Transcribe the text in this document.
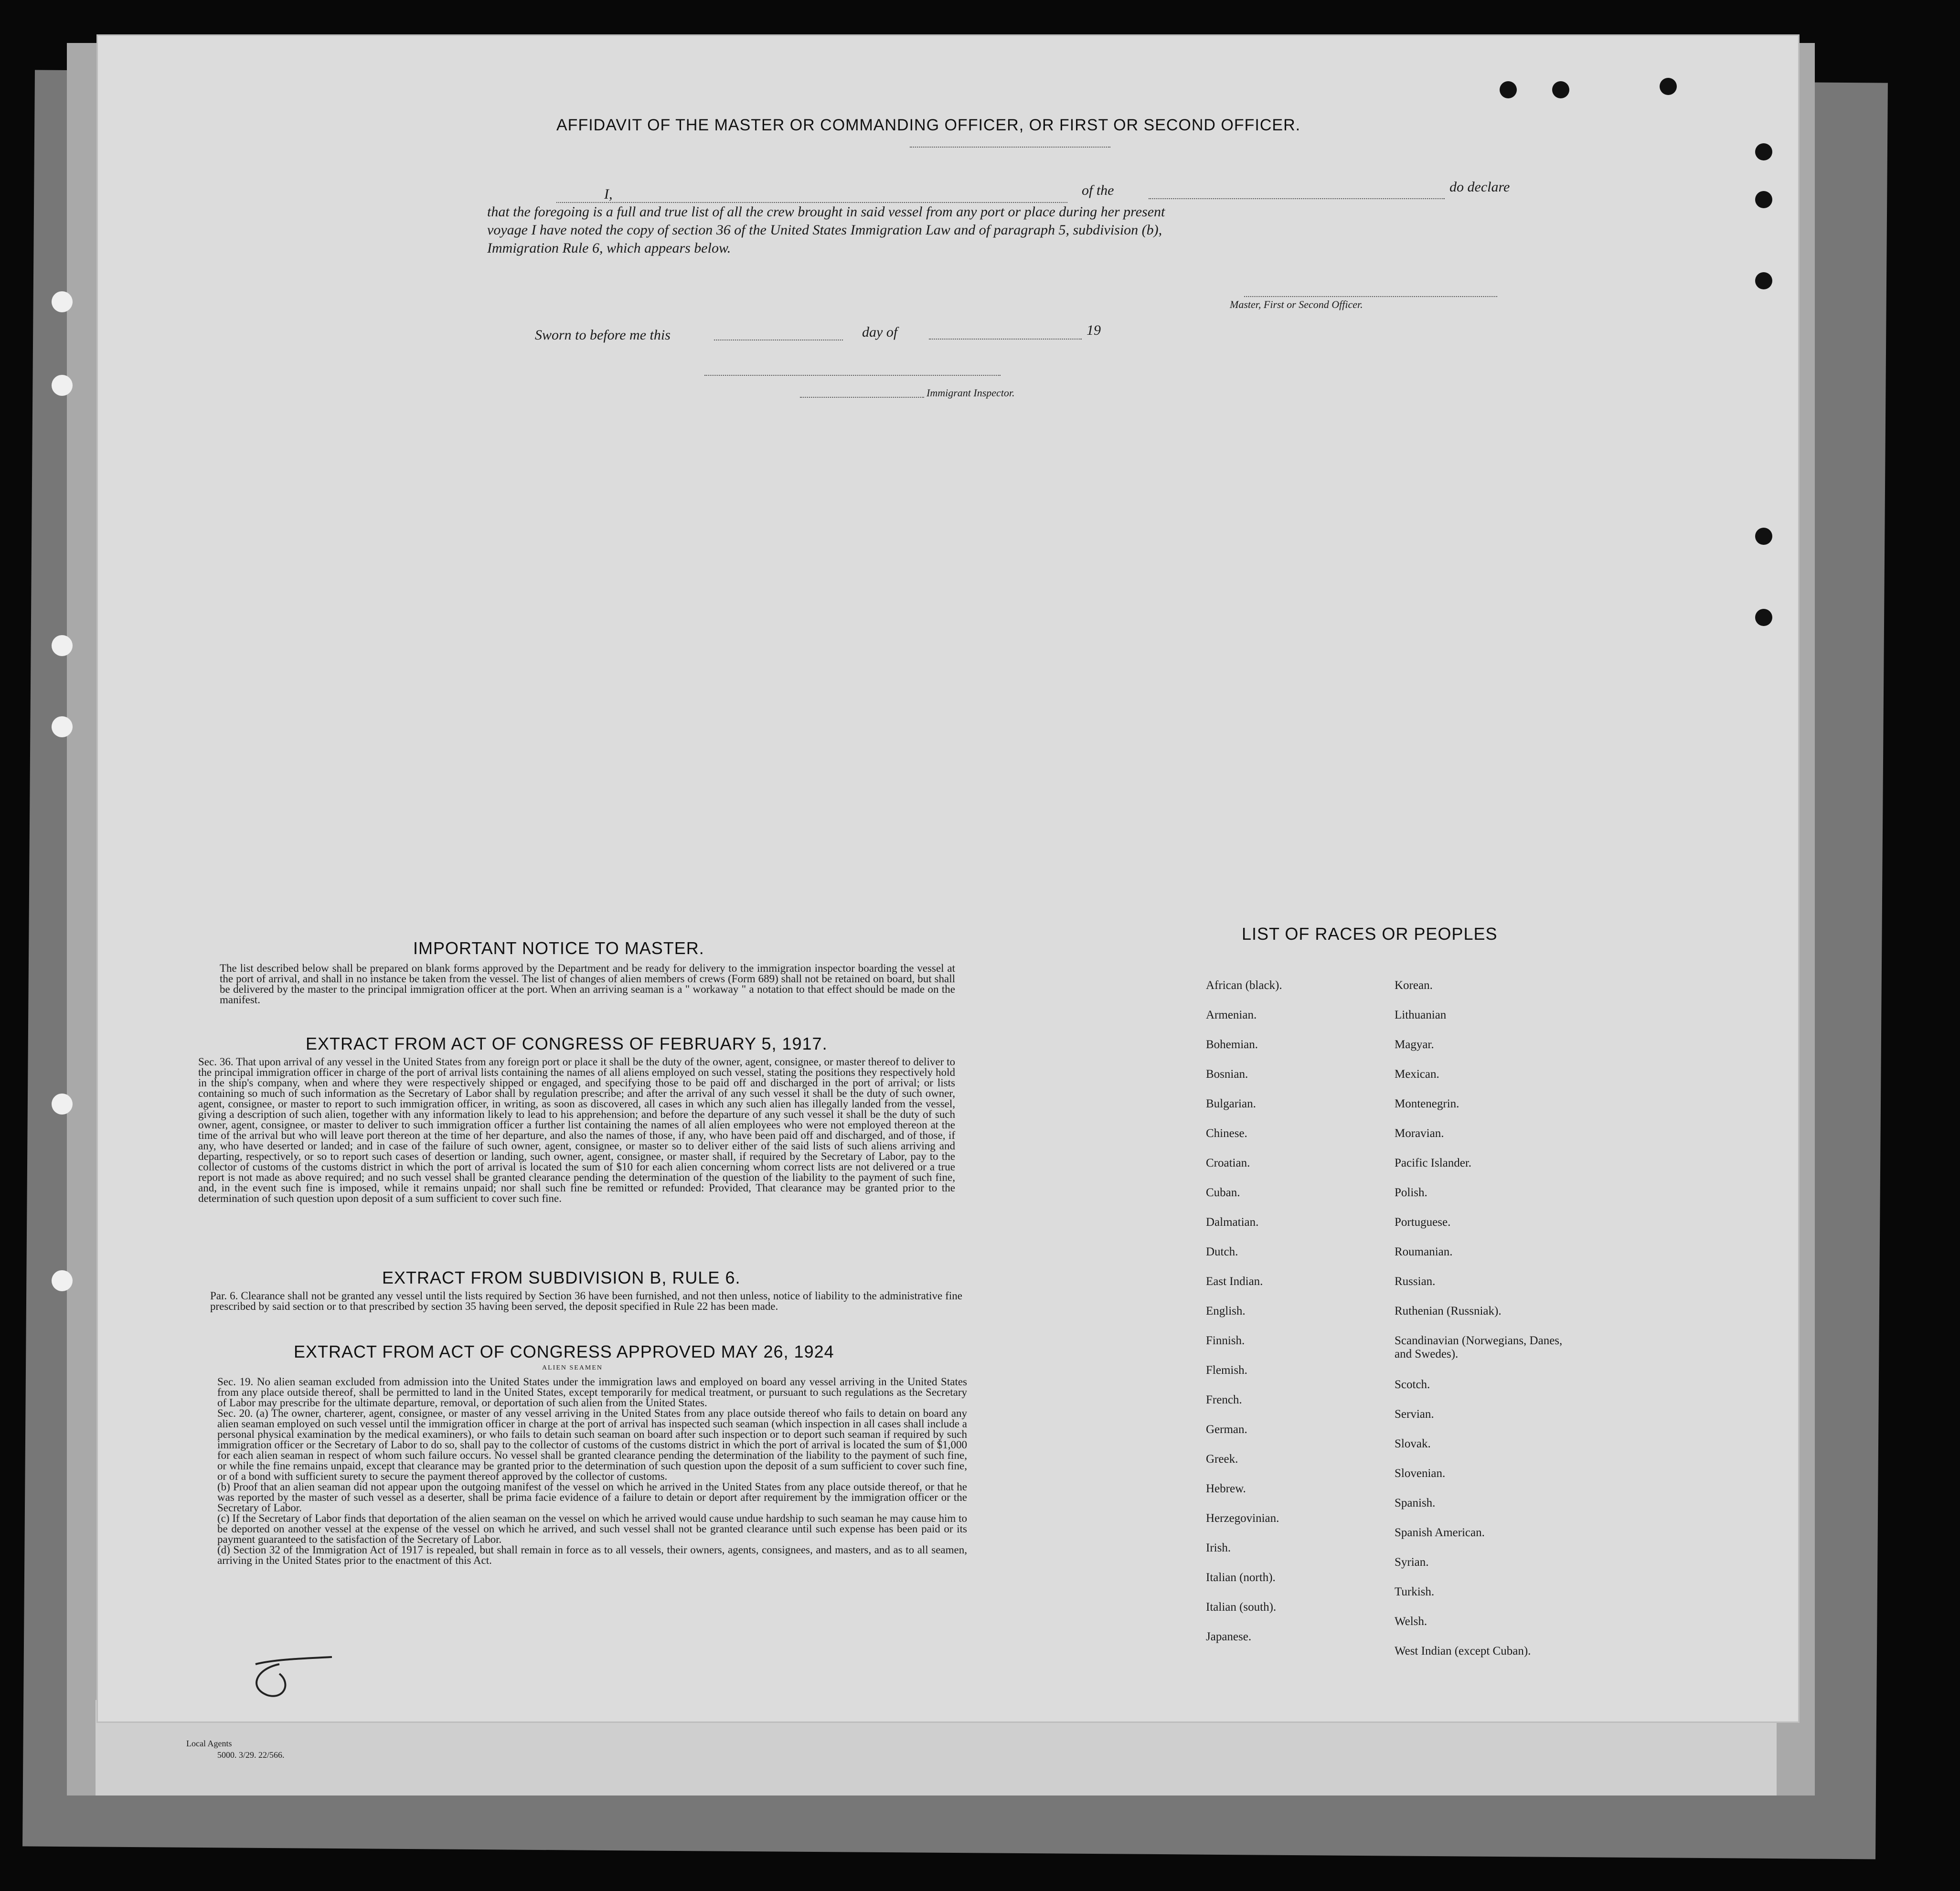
Local Agents
5000. 3/29. 22/566.
AFFIDAVIT OF THE MASTER OR COMMANDING OFFICER, OR FIRST OR SECOND OFFICER.
I,	of the	do declare
that the foregoing is a full and true list of all the crew brought in said vessel from any port or place during her present
voyage I have noted the copy of section 36 of the United States Immigration Law and of paragraph 5, subdivision (b),
Immigration Rule 6, which appears below.
Master, First or Second Officer.
Sworn to before me this	day of	19
Immigrant Inspector.
IMPORTANT NOTICE TO MASTER.
The list described below shall be prepared on blank forms approved by the Department and be ready for delivery to the immigration inspector boarding the vessel at the port of arrival, and shall in no instance be taken from the vessel. The list of changes of alien members of crews (Form 689) shall not be retained on board, but shall be delivered by the master to the principal immigration officer at the port. When an arriving seaman is a " workaway " a notation to that effect should be made on the manifest.
EXTRACT FROM ACT OF CONGRESS OF FEBRUARY 5, 1917.
Sec. 36. That upon arrival of any vessel in the United States from any foreign port or place it shall be the duty of the owner, agent, consignee, or master thereof to deliver to the principal immigration officer in charge of the port of arrival lists containing the names of all aliens employed on such vessel, stating the positions they respectively hold in the ship's company, when and where they were respectively shipped or engaged, and specifying those to be paid off and discharged in the port of arrival; or lists containing so much of such information as the Secretary of Labor shall by regulation prescribe; and after the arrival of any such vessel it shall be the duty of such owner, agent, consignee, or master to report to such immigration officer, in writing, as soon as discovered, all cases in which any such alien has illegally landed from the vessel, giving a description of such alien, together with any information likely to lead to his apprehension; and before the departure of any such vessel it shall be the duty of such owner, agent, consignee, or master to deliver to such immigration officer a further list containing the names of all alien employees who were not employed thereon at the time of the arrival but who will leave port thereon at the time of her departure, and also the names of those, if any, who have been paid off and discharged, and of those, if any, who have deserted or landed; and in case of the failure of such owner, agent, consignee, or master so to deliver either of the said lists of such aliens arriving and departing, respectively, or so to report such cases of desertion or landing, such owner, agent, consignee, or master shall, if required by the Secretary of Labor, pay to the collector of customs of the customs district in which the port of arrival is located the sum of $10 for each alien concerning whom correct lists are not delivered or a true report is not made as above required; and no such vessel shall be granted clearance pending the determination of the question of the liability to the payment of such fine, and, in the event such fine is imposed, while it remains unpaid; nor shall such fine be remitted or refunded: Provided, That clearance may be granted prior to the determination of such question upon deposit of a sum sufficient to cover such fine.
EXTRACT FROM SUBDIVISION B, RULE 6.
Par. 6. Clearance shall not be granted any vessel until the lists required by Section 36 have been furnished, and not then unless, notice of liability to the administrative fine prescribed by said section or to that prescribed by section 35 having been served, the deposit specified in Rule 22 has been made.
EXTRACT FROM ACT OF CONGRESS APPROVED MAY 26, 1924
ALIEN SEAMEN
Sec. 19. No alien seaman excluded from admission into the United States under the immigration laws and employed on board any vessel arriving in the United States from any place outside thereof, shall be permitted to land in the United States, except temporarily for medical treatment, or pursuant to such regulations as the Secretary of Labor may prescribe for the ultimate departure, removal, or deportation of such alien from the United States.
Sec. 20. (a) The owner, charterer, agent, consignee, or master of any vessel arriving in the United States from any place outside thereof who fails to detain on board any alien seaman employed on such vessel until the immigration officer in charge at the port of arrival has inspected such seaman (which inspection in all cases shall include a personal physical examination by the medical examiners), or who fails to detain such seaman on board after such inspection or to deport such seaman if required by such immigration officer or the Secretary of Labor to do so, shall pay to the collector of customs of the customs district in which the port of arrival is located the sum of $1,000 for each alien seaman in respect of whom such failure occurs. No vessel shall be granted clearance pending the determination of the liability to the payment of such fine, or while the fine remains unpaid, except that clearance may be granted prior to the determination of such question upon the deposit of a sum sufficient to cover such fine, or of a bond with sufficient surety to secure the payment thereof approved by the collector of customs.
(b) Proof that an alien seaman did not appear upon the outgoing manifest of the vessel on which he arrived in the United States from any place outside thereof, or that he was reported by the master of such vessel as a deserter, shall be prima facie evidence of a failure to detain or deport after requirement by the immigration officer or the Secretary of Labor.
(c) If the Secretary of Labor finds that deportation of the alien seaman on the vessel on which he arrived would cause undue hardship to such seaman he may cause him to be deported on another vessel at the expense of the vessel on which he arrived, and such vessel shall not be granted clearance until such expense has been paid or its payment guaranteed to the satisfaction of the Secretary of Labor.
(d) Section 32 of the Immigration Act of 1917 is repealed, but shall remain in force as to all vessels, their owners, agents, consignees, and masters, and as to all seamen, arriving in the United States prior to the enactment of this Act.
LIST OF RACES OR PEOPLES
African (black).
Armenian.
Bohemian.
Bosnian.
Bulgarian.
Chinese.
Croatian.
Cuban.
Dalmatian.
Dutch.
East Indian.
English.
Finnish.
Flemish.
French.
German.
Greek.
Hebrew.
Herzegovinian.
Irish.
Italian (north).
Italian (south).
Japanese.
Korean.
Lithuanian
Magyar.
Mexican.
Montenegrin.
Moravian.
Pacific Islander.
Polish.
Portuguese.
Roumanian.
Russian.
Ruthenian (Russniak).
Scandinavian (Norwegians, Danes, and Swedes).
Scotch.
Servian.
Slovak.
Slovenian.
Spanish.
Spanish American.
Syrian.
Turkish.
Welsh.
West Indian (except Cuban).
